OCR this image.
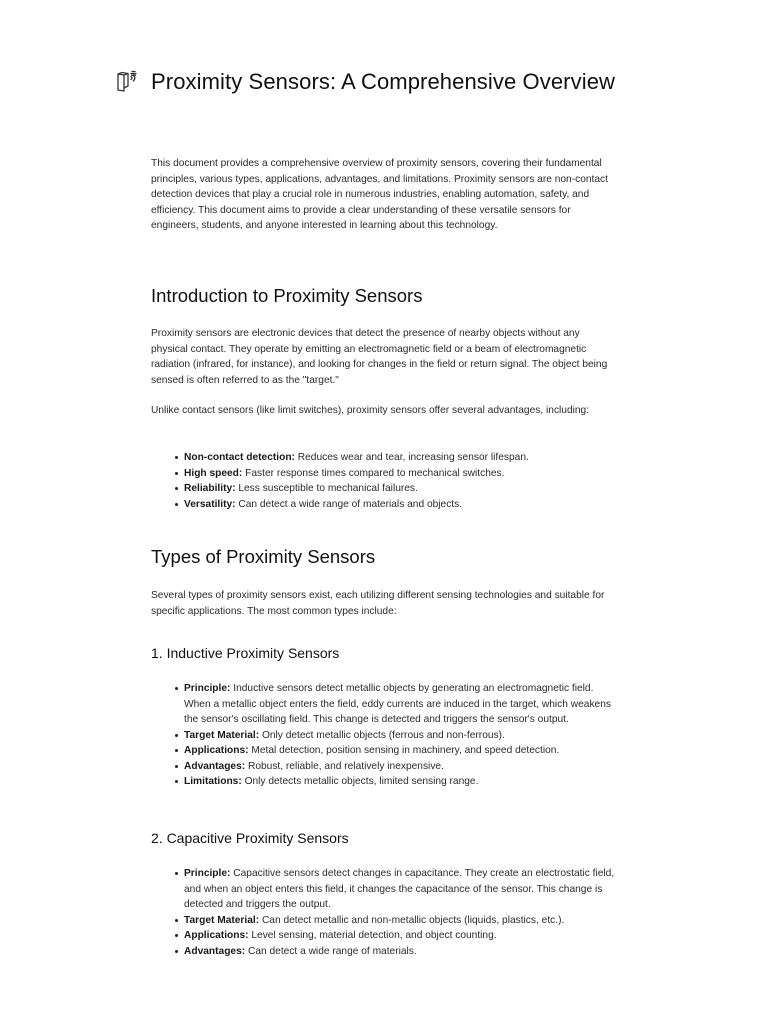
Proximity Sensors: A Comprehensive Overview

This document provides a comprehensive overview of proximity sensors, covering their fundamental principles, various types, applications, advantages, and limitations. Proximity sensors are non-contact detection devices that play a crucial role in numerous industries, enabling automation, safety, and efficiency. This document aims to provide a clear understanding of these versatile sensors for engineers, students, and anyone interested in learning about this technology.

Introduction to Proximity Sensors

Proximity sensors are electronic devices that detect the presence of nearby objects without any physical contact. They operate by emitting an electromagnetic field or a beam of electromagnetic radiation (infrared, for instance), and looking for changes in the field or return signal. The object being sensed is often referred to as the "target."

Unlike contact sensors (like limit switches), proximity sensors offer several advantages, including:

Non-contact detection: Reduces wear and tear, increasing sensor lifespan.
High speed: Faster response times compared to mechanical switches.
Reliability: Less susceptible to mechanical failures.
Versatility: Can detect a wide range of materials and objects.
Types of Proximity Sensors

Several types of proximity sensors exist, each utilizing different sensing technologies and suitable for specific applications. The most common types include:

1. Inductive Proximity Sensors
Principle: Inductive sensors detect metallic objects by generating an electromagnetic field. When a metallic object enters the field, eddy currents are induced in the target, which weakens the sensor's oscillating field. This change is detected and triggers the sensor's output.
Target Material: Only detect metallic objects (ferrous and non-ferrous).
Applications: Metal detection, position sensing in machinery, and speed detection.
Advantages: Robust, reliable, and relatively inexpensive.
Limitations: Only detects metallic objects, limited sensing range.
2. Capacitive Proximity Sensors
Principle: Capacitive sensors detect changes in capacitance. They create an electrostatic field, and when an object enters this field, it changes the capacitance of the sensor. This change is detected and triggers the output.
Target Material: Can detect metallic and non-metallic objects (liquids, plastics, etc.).
Applications: Level sensing, material detection, and object counting.
Advantages: Can detect a wide range of materials.
